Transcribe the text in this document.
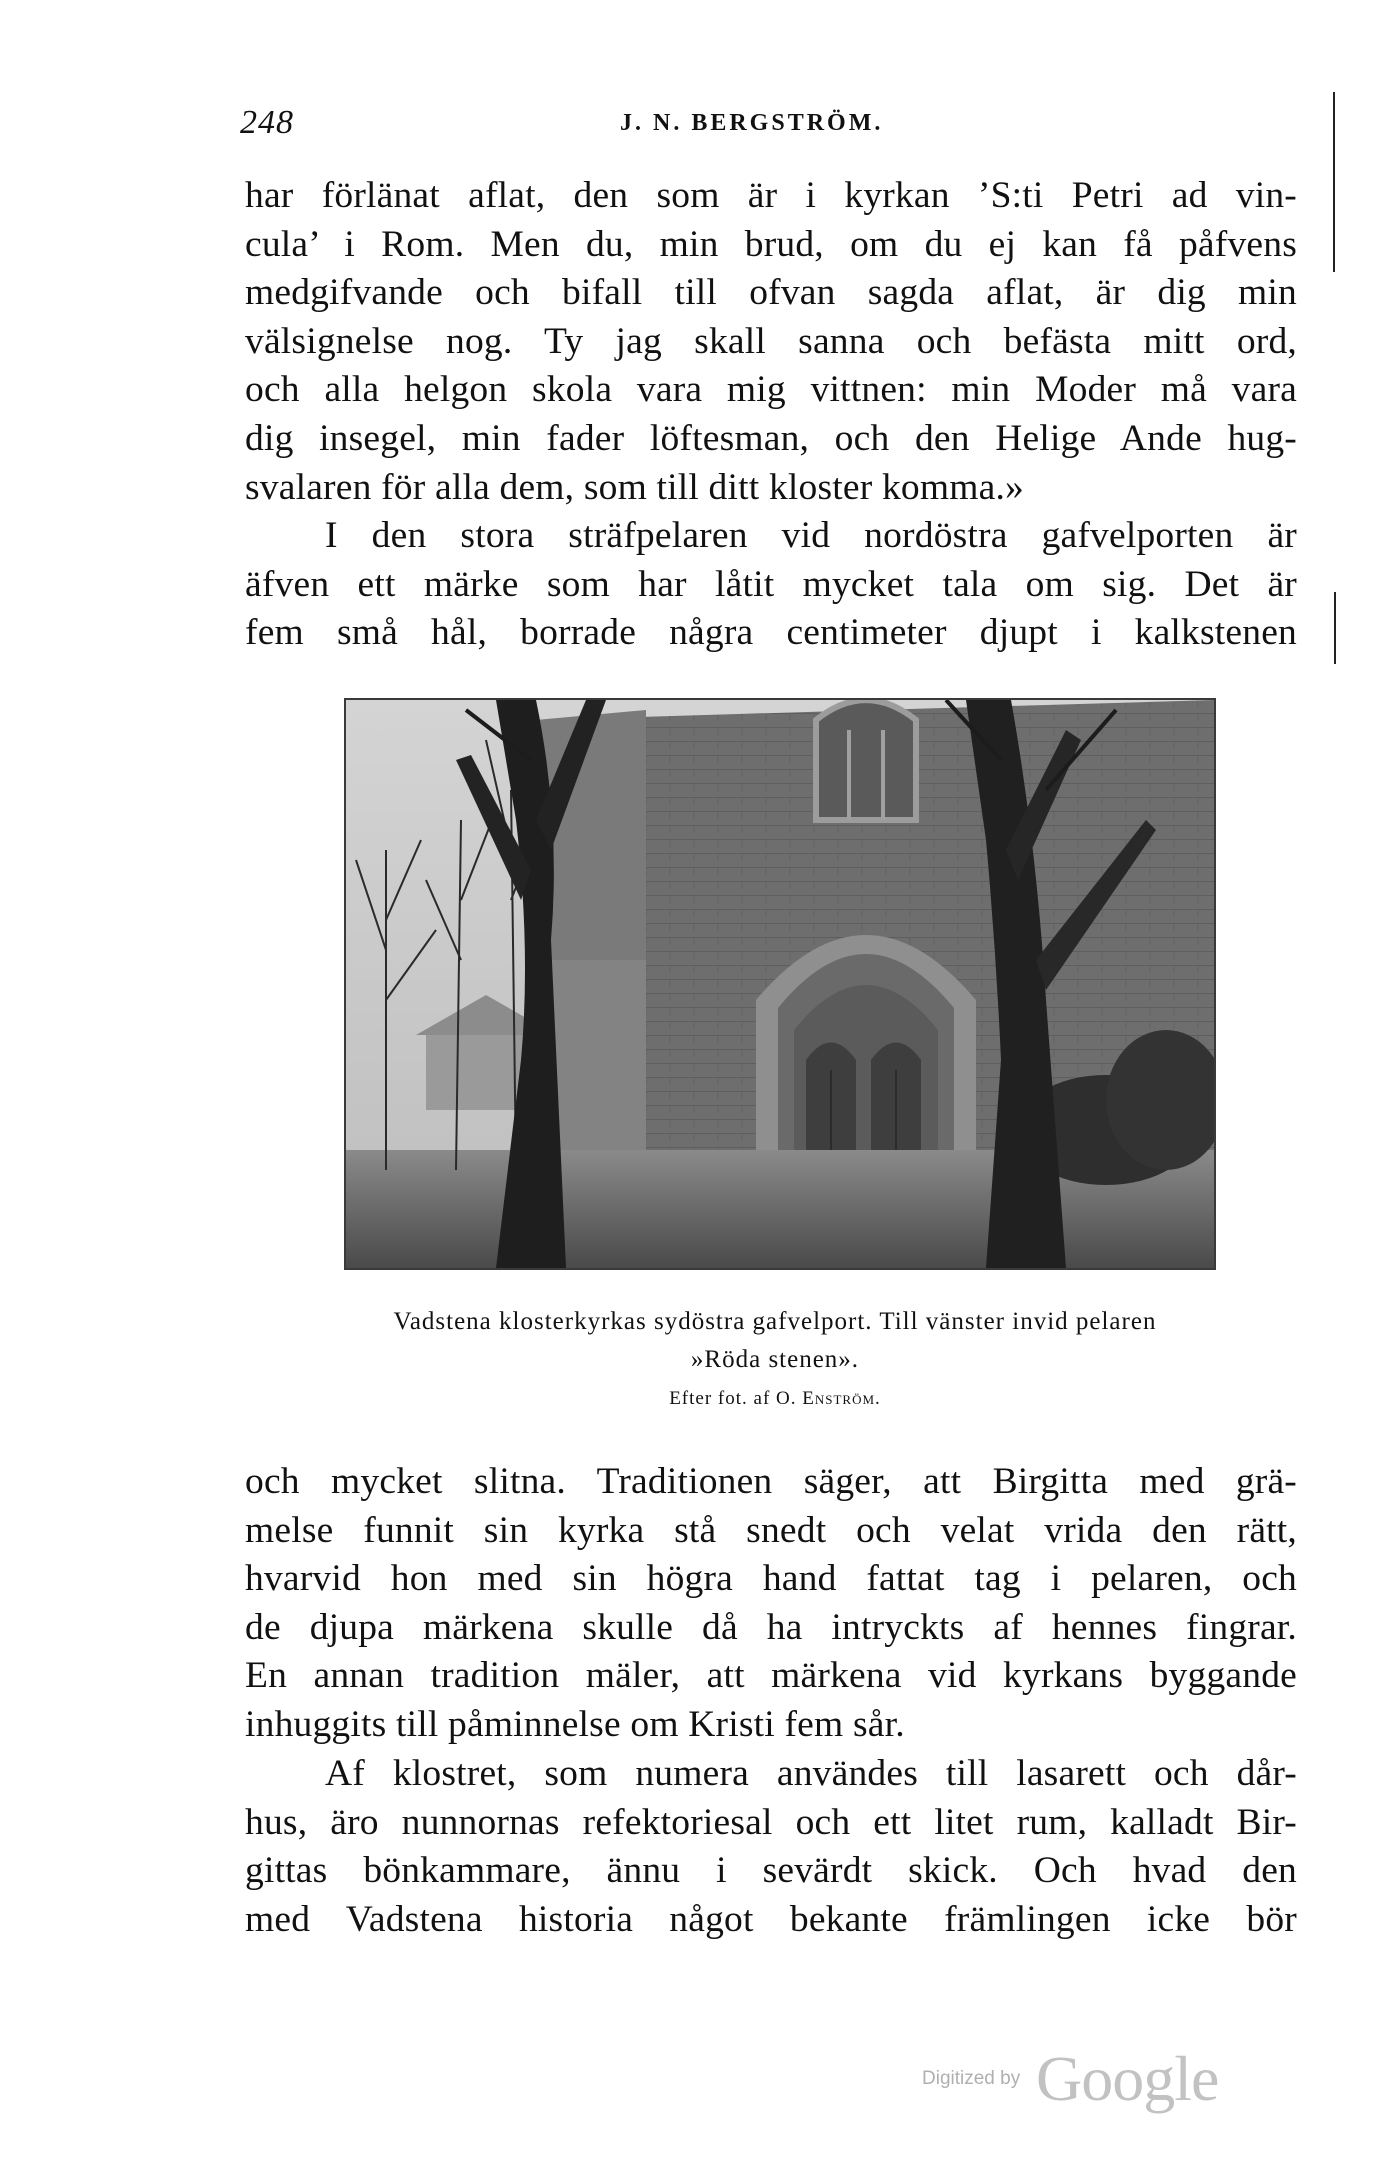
248	J. N. BERGSTRÖM.
har förlänat aflat, den som är i kyrkan ’S:ti Petri ad vin-
cula’ i Rom. Men du, min brud, om du ej kan få påfvens
medgifvande och bifall till ofvan sagda aflat, är dig min
välsignelse nog. Ty jag skall sanna och befästa mitt ord,
och alla helgon skola vara mig vittnen: min Moder må vara
dig insegel, min fader löftesman, och den Helige Ande hug-
svalaren för alla dem, som till ditt kloster komma.»
I den stora sträfpelaren vid nordöstra gafvelporten är
äfven ett märke som har låtit mycket tala om sig. Det är
fem små hål, borrade några centimeter djupt i kalkstenen
Vadstena klosterkyrkas sydöstra gafvelport. Till vänster invid pelaren
»Röda stenen».
Efter fot. af O. Enström.
och mycket slitna. Traditionen säger, att Birgitta med grä-
melse funnit sin kyrka stå snedt och velat vrida den rätt,
hvarvid hon med sin högra hand fattat tag i pelaren, och
de djupa märkena skulle då ha intryckts af hennes fingrar.
En annan tradition mäler, att märkena vid kyrkans byggande
inhuggits till påminnelse om Kristi fem sår.
Af klostret, som numera användes till lasarett och dår-
hus, äro nunnornas refektoriesal och ett litet rum, kalladt Bir-
gittas bönkammare, ännu i sevärdt skick. Och hvad den
med Vadstena historia något bekante främlingen icke bör
Digitized by Google
